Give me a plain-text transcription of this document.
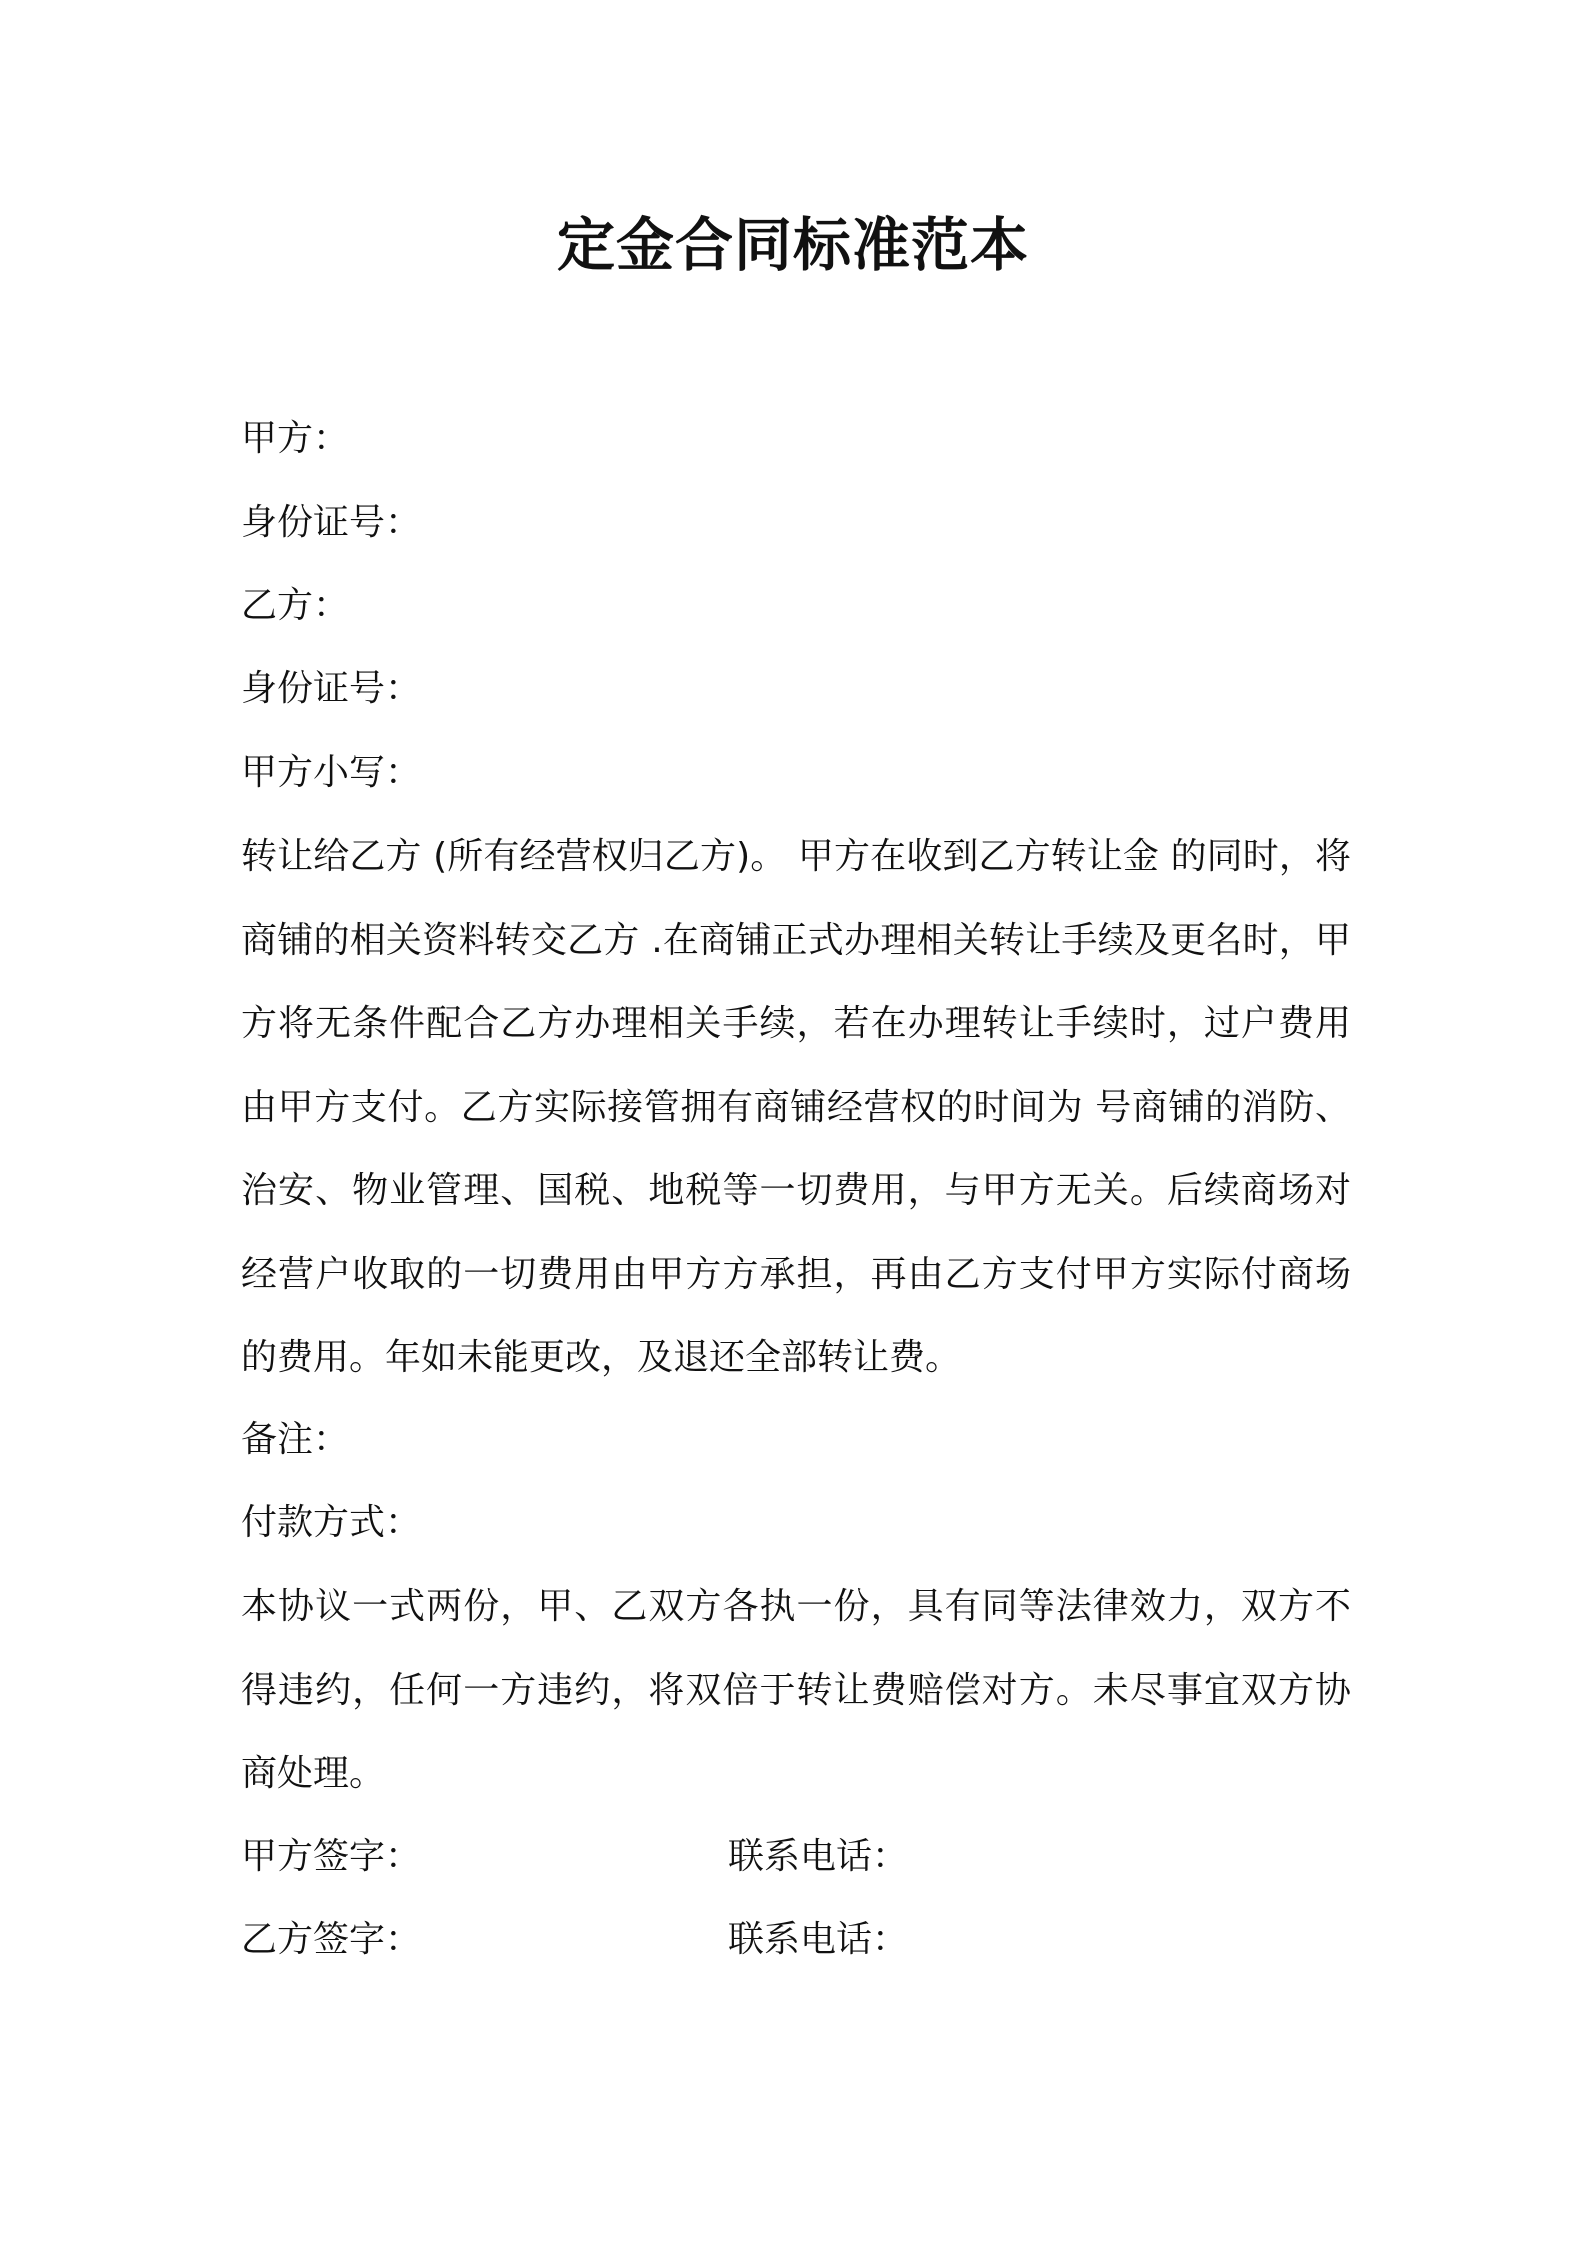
定金合同标准范本
甲方：
身份证号：
乙方：
身份证号：
甲方小写：

转让给乙方 (所有经营权归乙方)。 甲方在收到乙方转让金 的同时，将商铺的相关资料转交乙方 .在商铺正式办理相关转让手续及更名时，甲方将无条件配合乙方办理相关手续，若在办理转让手续时，过户费用由甲方支付。乙方实际接管拥有商铺经营权的时间为 号商铺的消防、治安、物业管理、国税、地税等一切费用，与甲方无关。后续商场对经营户收取的一切费用由甲方方承担，再由乙方支付甲方实际付商场的费用。年如未能更改，及退还全部转让费。

备注：
付款方式：

本协议一式两份，甲、乙双方各执一份，具有同等法律效力，双方不得违约，任何一方违约，将双倍于转让费赔偿对方。未尽事宜双方协商处理。

甲方签字：	联系电话：
乙方签字：	联系电话：
